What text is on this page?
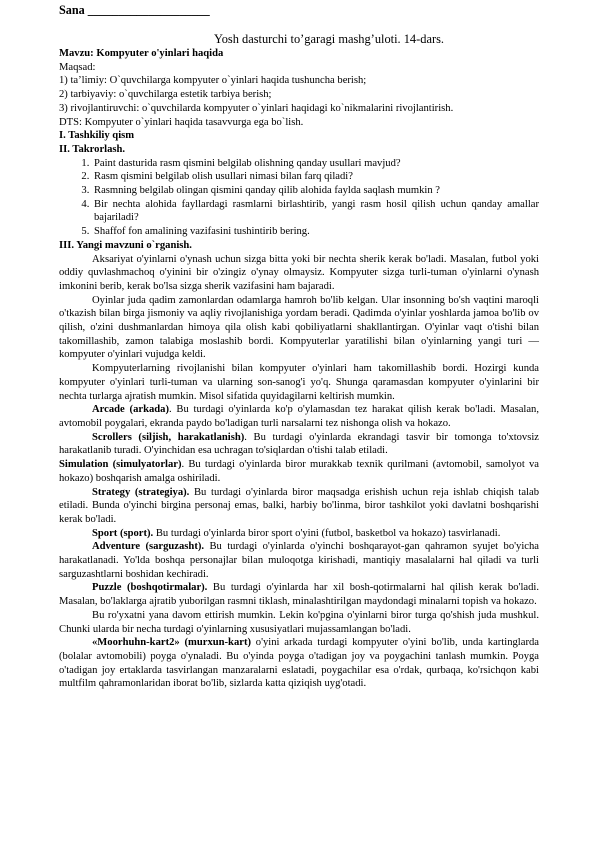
Sana ____________________

Yosh dasturchi to’garagi mashg’uloti. 14-dars.

Mavzu: Kompyuter o'yinlari haqida

Maqsad:

1) ta’limiy: O`quvchilarga kompyuter o`yinlari haqida tushuncha berish;

2) tarbiyaviy: o`quvchilarga estetik tarbiya berish;

3) rivojlantiruvchi: o`quvchilarda kompyuter o`yinlari haqidagi ko`nikmalarini rivojlantirish.

DTS: Kompyuter o`yinlari haqida tasavvurga ega bo`lish.

I. Tashkiliy qism

II. Takrorlash.

1. Paint dasturida rasm qismini belgilab olishning qanday usullari mavjud?
2. Rasm qismini belgilab olish usullari nimasi bilan farq qiladi?
3. Rasmning belgilab olingan qismini qanday qilib alohida faylda saqlash mumkin ?
4. Bir nechta alohida fayllardagi rasmlarni birlashtirib, yangi rasm hosil qilish uchun qanday amallar bajariladi?
5. Shaffof fon amalining vazifasini tushintirib bering.

III. Yangi mavzuni o`rganish.

Aksariyat o'yinlarni o'ynash uchun sizga bitta yoki bir nechta sherik kerak bo'ladi. Masalan, futbol yoki oddiy quvlashmachoq o'yinini bir o'zingiz o'ynay olmaysiz. Kompyuter sizga turli-tuman o'yinlarni o'ynash imkonini berib, kerak bo'lsa sizga sherik vazifasini ham bajaradi.

Oyinlar juda qadim zamonlardan odamlarga hamroh bo'lib kelgan. Ular insonning bo'sh vaqtini maroqli o'tkazish bilan birga jismoniy va aqliy rivojlanishiga yordam beradi. Qadimda o'yinlar yoshlarda jamoa bo'lib ov qilish, o'zini dushmanlardan himoya qila olish kabi qobiliyatlarni shakllantirgan. O'yinlar vaqt o'tishi bilan takomillashib, zamon talabiga moslashib bordi. Kompyuterlar yaratilishi bilan o'yinlarning yangi turi — kompyuter o'yinlari vujudga keldi.

Kompyuterlarning rivojlanishi bilan kompyuter o'yinlari ham takomillashib bordi. Hozirgi kunda kompyuter o'yinlari turli-tuman va ularning son-sanog'i yo'q. Shunga qaramasdan kompyuter o'yinlarini bir nechta turlarga ajratish mumkin. Misol sifatida quyidagilarni keltirish mumkin.

Arcade (arkada). Bu turdagi o'yinlarda ko'p o'ylamasdan tez harakat qilish kerak bo'ladi. Masalan, avtomobil poygalari, ekranda paydo bo'ladigan turli narsalarni tez nishonga olish va hokazo.

Scrollers (siljish, harakatlanish). Bu turdagi o'yinlarda ekrandagi tasvir bir tomonga to'xtovsiz harakatlanib turadi. O'yinchidan esa uchragan to'siqlardan o'tishi talab etiladi.

Simulation (simulyatorlar). Bu turdagi o'yinlarda biror murakkab texnik qurilmani (avtomobil, samolyot va hokazo) boshqarish amalga oshiriladi.

Strategy (strategiya). Bu turdagi o'yinlarda biror maqsadga erishish uchun reja ishlab chiqish talab etiladi. Bunda o'yinchi birgina personaj emas, balki, harbiy bo'linma, biror tashkilot yoki davlatni boshqarishi kerak bo'ladi.

Sport (sport). Bu turdagi o'yinlarda biror sport o'yini (futbol, basketbol va hokazo) tasvirlanadi.

Adventure (sarguzasht). Bu turdagi o'yinlarda o'yinchi boshqarayot-gan qahramon syujet bo'yicha harakatlanadi. Yo'lda boshqa personajlar bilan muloqotga kirishadi, mantiqiy masalalarni hal qiladi va turli sarguzashtlarni boshidan kechiradi.

Puzzle (boshqotirmalar). Bu turdagi o'yinlarda har xil bosh-qotirmalarni hal qilish kerak bo'ladi. Masalan, bo'laklarga ajratib yuborilgan rasmni tiklash, minalashtirilgan maydondagi minalarni topish va hokazo.

Bu ro'yxatni yana davom ettirish mumkin. Lekin ko'pgina o'yinlarni biror turga qo'shish juda mushkul. Chunki ularda bir necha turdagi o'yinlarning xususiyatlari mujassamlangan bo'ladi.

«Moorhuhn-kart2» (murxun-kart) o'yini arkada turdagi kompyuter o'yini bo'lib, unda kartinglarda (bolalar avtomobili) poyga o'ynaladi. Bu o'yinda poyga o'tadigan joy va poygachini tanlash mumkin. Poyga o'tadigan joy ertaklarda tasvirlangan manzaralarni eslatadi, poygachilar esa o'rdak, qurbaqa, ko'rsichqon kabi multfilm qahramonlaridan iborat bo'lib, sizlarda katta qiziqish uyg'otadi.
